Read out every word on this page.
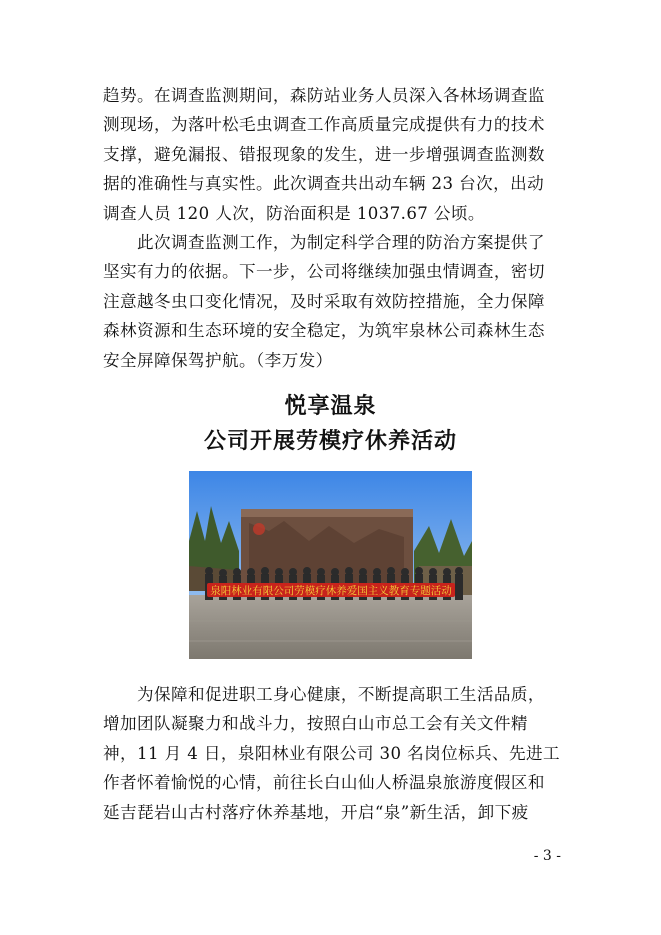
趋势。在调查监测期间，森防站业务人员深入各林场调查监

测现场，为落叶松毛虫调查工作高质量完成提供有力的技术

支撑，避免漏报、错报现象的发生，进一步增强调查监测数

据的准确性与真实性。此次调查共出动车辆 23 台次，出动

调查人员 120 人次，防治面积是 1037.67 公顷。

　　此次调查监测工作，为制定科学合理的防治方案提供了

坚实有力的依据。下一步，公司将继续加强虫情调查，密切

注意越冬虫口变化情况，及时采取有效防控措施，全力保障

森林资源和生态环境的安全稳定，为筑牢泉林公司森林生态

安全屏障保驾护航。（李万发）

悦享温泉
公司开展劳模疗休养活动
泉阳林业有限公司劳模疗休养爱国主义教育专题活动

　　为保障和促进职工身心健康，不断提高职工生活品质，

增加团队凝聚力和战斗力，按照白山市总工会有关文件精

神，11 月 4 日，泉阳林业有限公司 30 名岗位标兵、先进工

作者怀着愉悦的心情，前往长白山仙人桥温泉旅游度假区和

延吉琵岩山古村落疗休养基地，开启“泉”新生活，卸下疲

- 3 -
